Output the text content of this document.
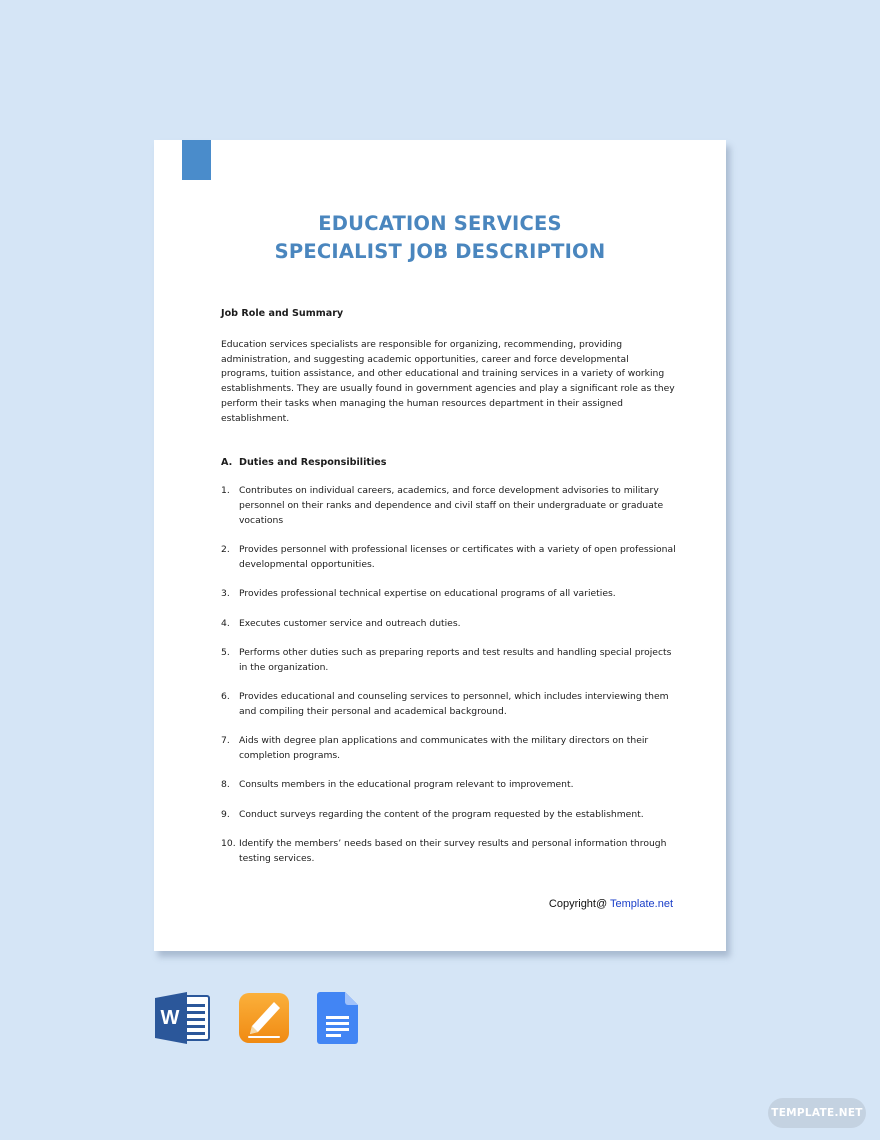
EDUCATION SERVICES
SPECIALIST JOB DESCRIPTION

Job Role and Summary

Education services specialists are responsible for organizing, recommending, providing administration, and suggesting academic opportunities, career and force developmental programs, tuition assistance, and other educational and training services in a variety of working establishments. They are usually found in government agencies and play a significant role as they perform their tasks when managing the human resources department in their assigned establishment.

A. Duties and Responsibilities
1.	Contributes on individual careers, academics, and force development advisories to military personnel on their ranks and dependence and civil staff on their undergraduate or graduate vocations
2.	Provides personnel with professional licenses or certificates with a variety of open professional developmental opportunities.
3.	Provides professional technical expertise on educational programs of all varieties.
4.	Executes customer service and outreach duties.
5.	Performs other duties such as preparing reports and test results and handling special projects in the organization.
6.	Provides educational and counseling services to personnel, which includes interviewing them and compiling their personal and academical background.
7.	Aids with degree plan applications and communicates with the military directors on their completion programs.
8.	Consults members in the educational program relevant to improvement.
9.	Conduct surveys regarding the content of the program requested by the establishment.
10. Identify the members’ needs based on their survey results and personal information through testing services.
Copyright@ Template.net
W
TEMPLATE.NET
